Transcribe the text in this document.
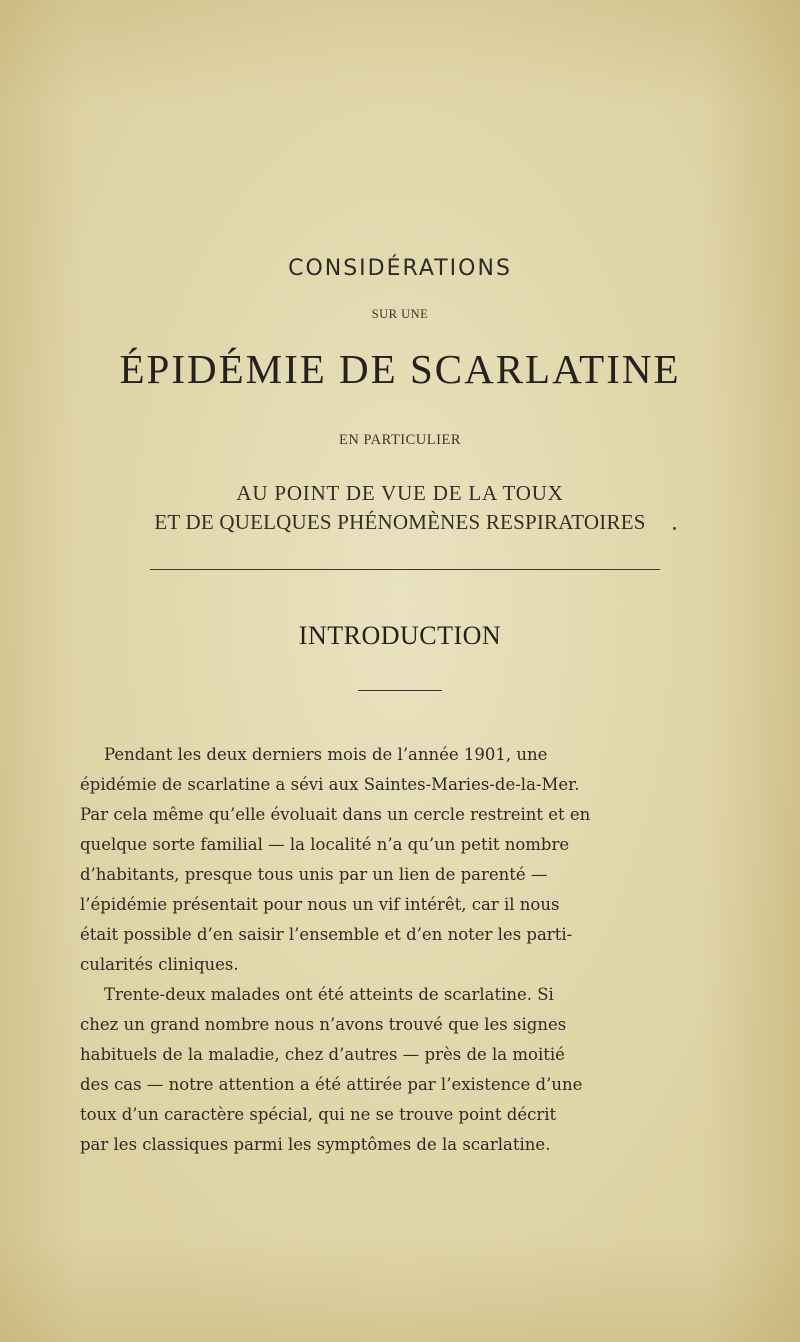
CONSIDÉRATIONS
SUR UNE
ÉPIDÉMIE DE SCARLATINE
EN PARTICULIER
AU POINT DE VUE DE LA TOUX
ET DE QUELQUES PHÉNOMÈNES RESPIRATOIRES
INTRODUCTION
Pendant les deux derniers mois de l’année 1901, une
épidémie de scarlatine a sévi aux Saintes-Maries-de-la-Mer.
Par cela même qu’elle évoluait dans un cercle restreint et en
quelque sorte familial — la localité n’a qu’un petit nombre
d’habitants, presque tous unis par un lien de parenté —
l’épidémie présentait pour nous un vif intérêt, car il nous
était possible d’en saisir l’ensemble et d’en noter les parti-
cularités cliniques.
Trente-deux malades ont été atteints de scarlatine. Si
chez un grand nombre nous n’avons trouvé que les signes
habituels de la maladie, chez d’autres — près de la moitié
des cas — notre attention a été attirée par l’existence d’une
toux d’un caractère spécial, qui ne se trouve point décrit
par les classiques parmi les symptômes de la scarlatine.
